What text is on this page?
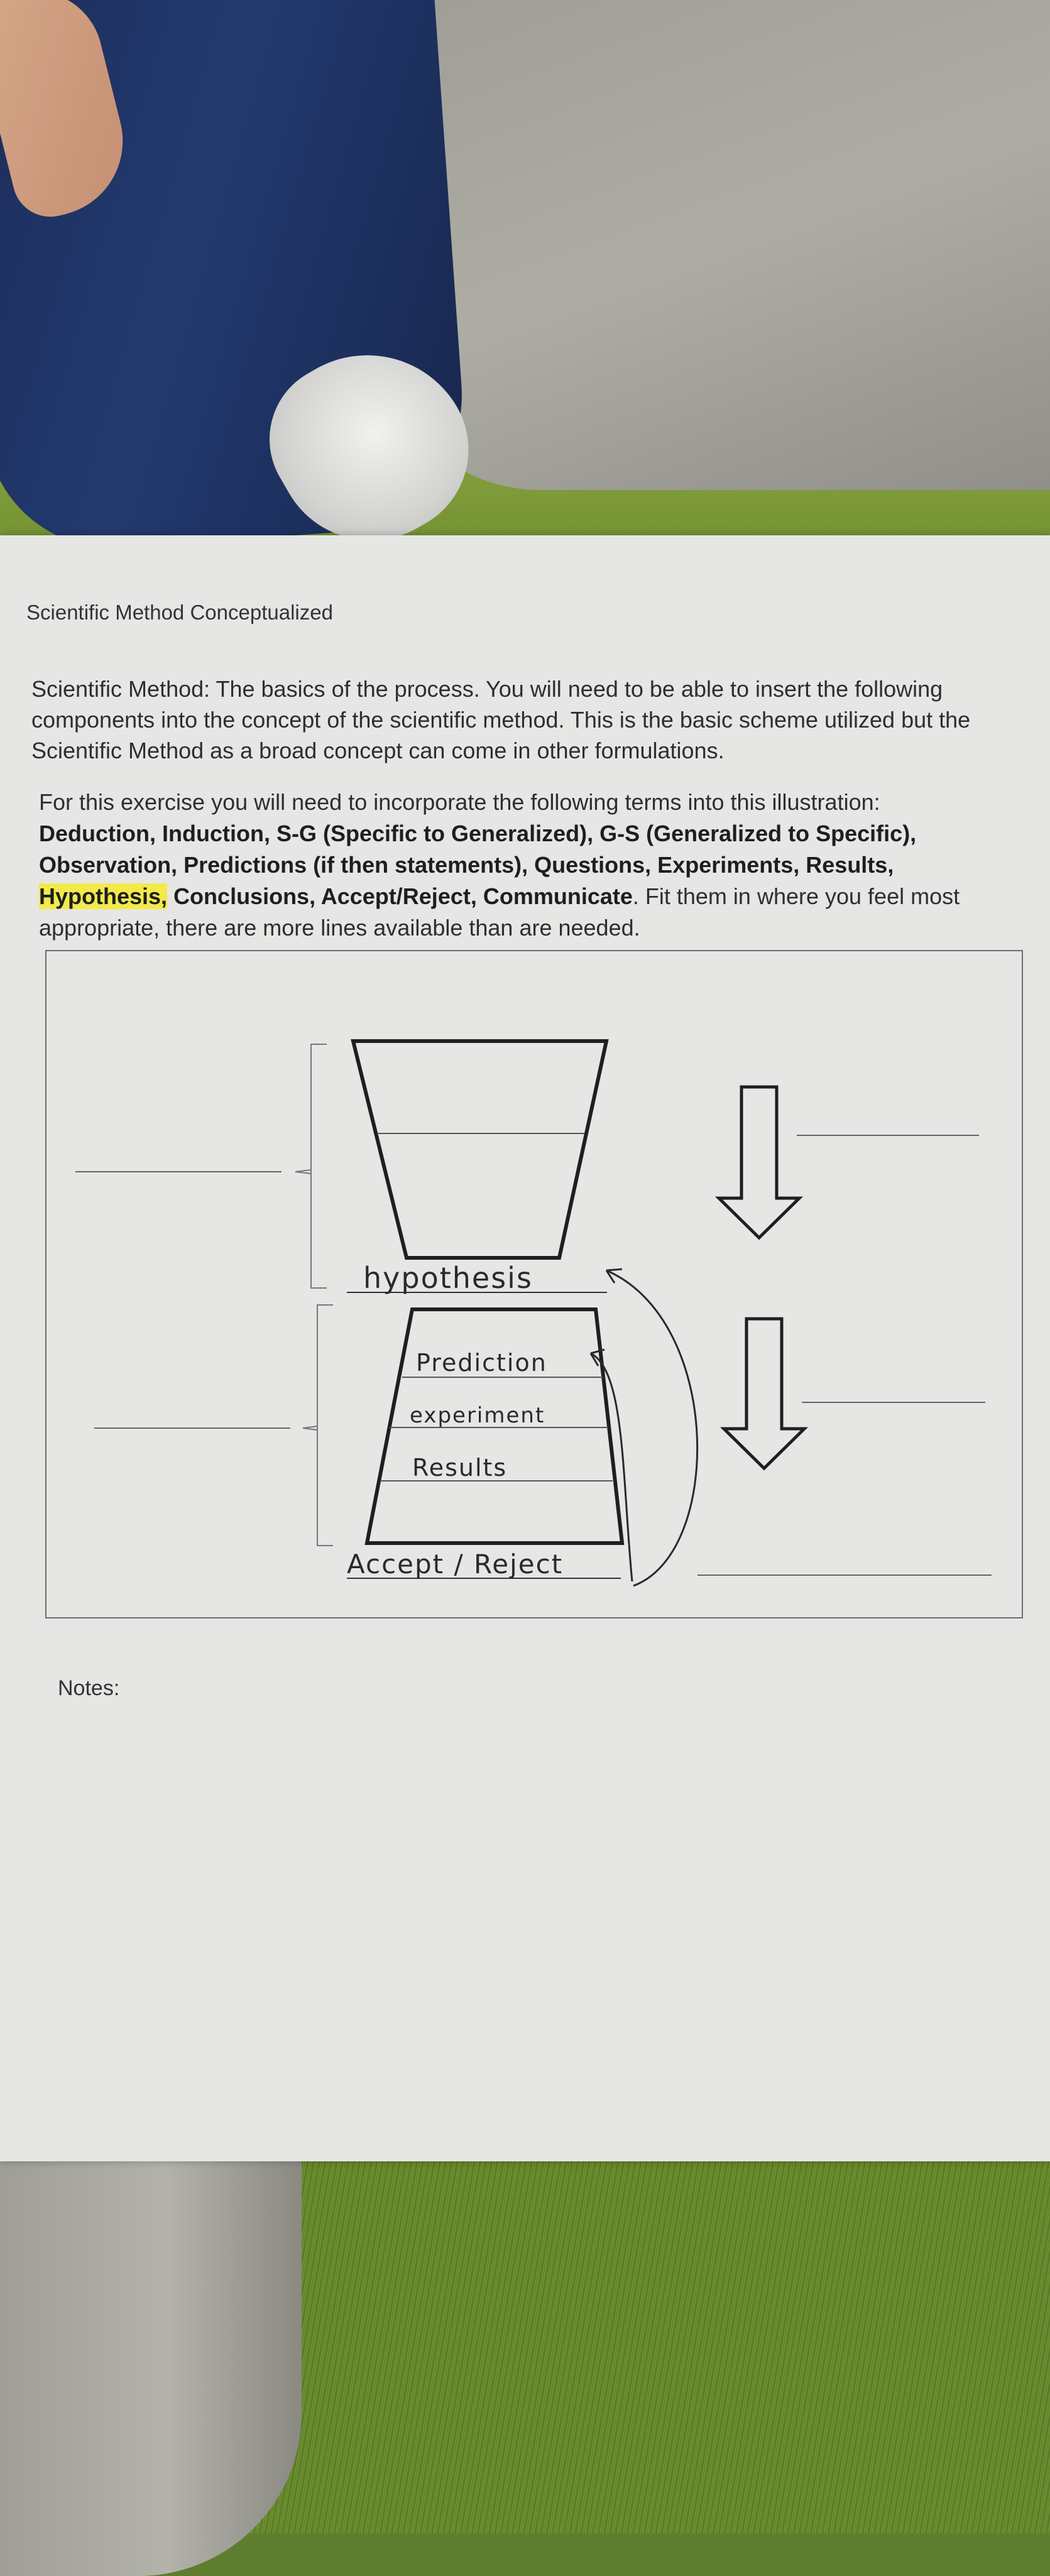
Scientific Method Conceptualized
Scientific Method: The basics of the process. You will need to be able to insert the following components into the concept of the scientific method. This is the basic scheme utilized but the Scientific Method as a broad concept can come in other formulations.
For this exercise you will need to incorporate the following terms into this illustration:
Deduction, Induction, S-G (Specific to Generalized), G-S (Generalized to Specific), Observation, Predictions (if then statements), Questions, Experiments, Results, Hypothesis, Conclusions, Accept/Reject, Communicate. Fit them in where you feel most appropriate, there are more lines available than are needed.
hypothesis
Prediction
experiment
Results
Accept / Reject
Notes:
